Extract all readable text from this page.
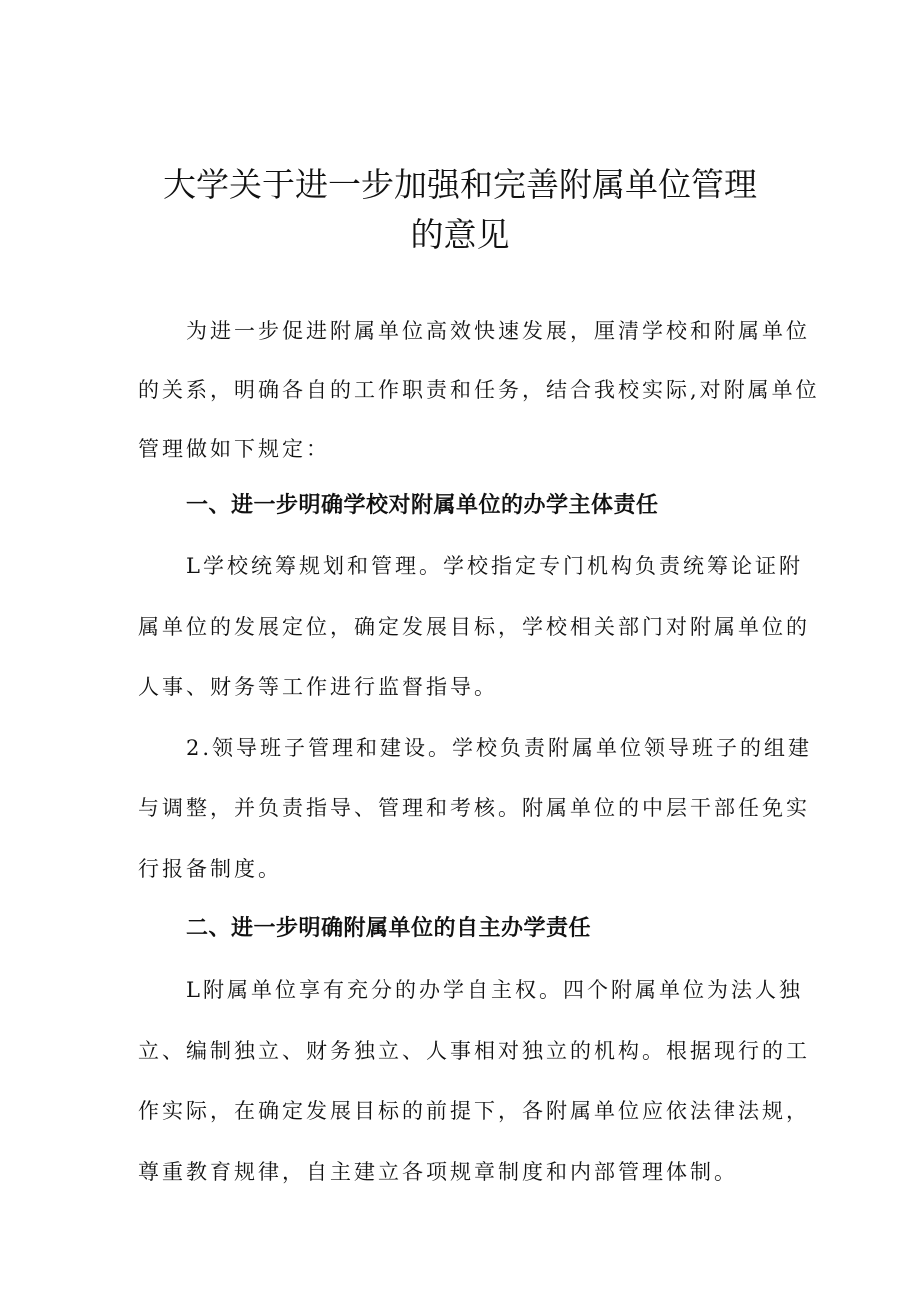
大学关于进一步加强和完善附属单位管理
的意见

为进一步促进附属单位高效快速发展，厘清学校和附属单位

的关系，明确各自的工作职责和任务，结合我校实际,对附属单位

管理做如下规定：

一、进一步明确学校对附属单位的办学主体责任

L学校统筹规划和管理。学校指定专门机构负责统筹论证附

属单位的发展定位，确定发展目标，学校相关部门对附属单位的

人事、财务等工作进行监督指导。

2.领导班子管理和建设。学校负责附属单位领导班子的组建

与调整，并负责指导、管理和考核。附属单位的中层干部任免实

行报备制度。

二、进一步明确附属单位的自主办学责任

L附属单位享有充分的办学自主权。四个附属单位为法人独

立、编制独立、财务独立、人事相对独立的机构。根据现行的工

作实际，在确定发展目标的前提下，各附属单位应依法律法规，

尊重教育规律，自主建立各项规章制度和内部管理体制。
